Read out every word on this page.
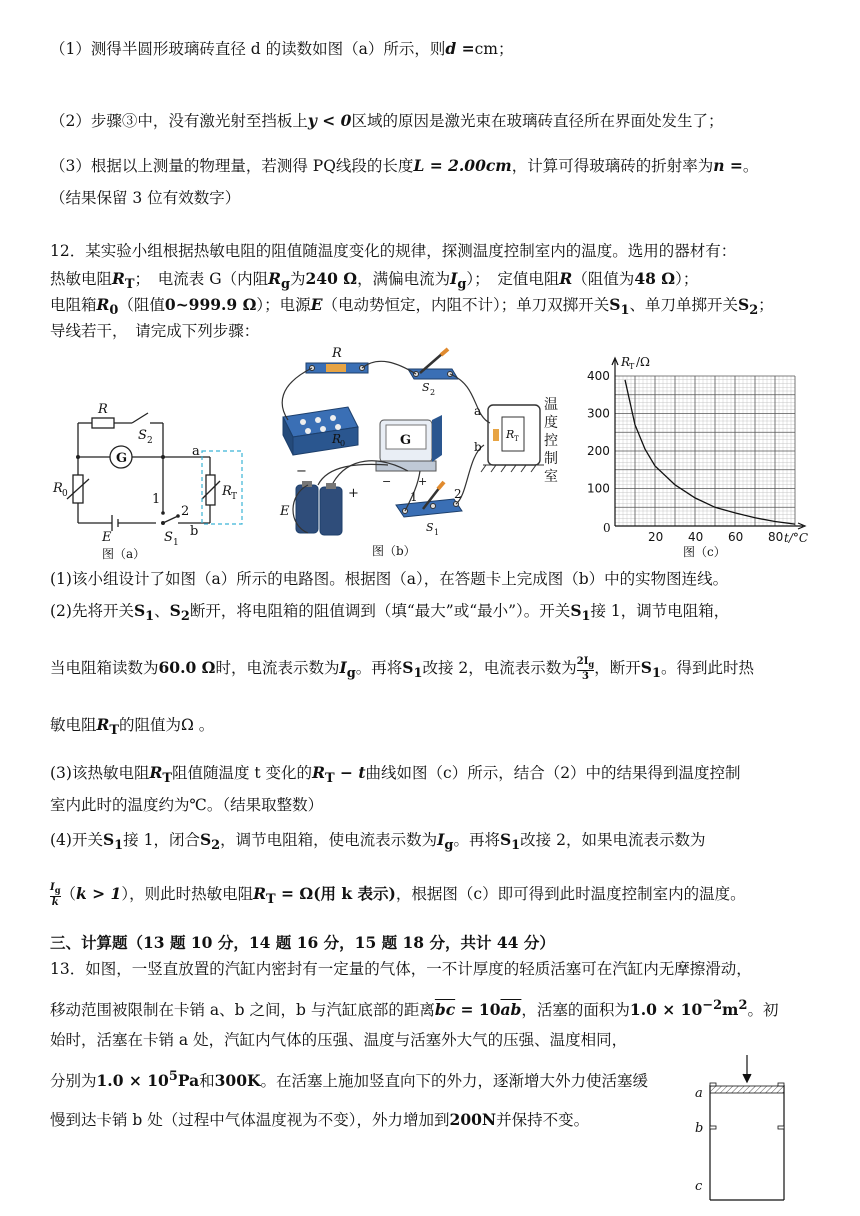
（1）测得半圆形玻璃砖直径 d 的读数如图（a）所示，则d =cm；
（2）步骤③中，没有激光射至挡板上y < 0区域的原因是激光束在玻璃砖直径所在界面处发生了；
（3）根据以上测量的物理量，若测得 PQ线段的长度L = 2.00cm，计算可得玻璃砖的折射率为n =。
（结果保留 3 位有效数字）
12．某实验小组根据热敏电阻的阻值随温度变化的规律，探测温度控制室内的温度。选用的器材有：
热敏电阻$R_T$；　电流表 G（内阻$R_g$为240 Ω，满偏电流为$I_g$）；　定值电阻R（阻值为48 Ω）；
电阻箱$R_0$（阻值0~999.9 Ω）；电源E（电动势恒定，内阻不计）；单刀双掷开关$S_1$、单刀单掷开关$S_2$；
导线若干，　请完成下列步骤：
R
S 2
G	a
R 0	R T
1
2
b
E	S 1
图（a）
R
S 2
G
R
0
E
−
+
− +
1	2
S 1
a
b
R T
温
度
控
制
室
图（b）
20 40 60 80
100
200
300
400
R
T /Ω
t/°C
0
图（c）
(1)该小组设计了如图（a）所示的电路图。根据图（a），在答题卡上完成图（b）中的实物图连线。
(2)先将开关$S_1$、$S_2$断开，将电阻箱的阻值调到（填“最大”或“最小”）。开关$S_1$接 1，调节电阻箱，
当电阻箱读数为60.0 Ω时，电流表示数为$I_g$。再将$S_1$改接 2，电流表示数为 $\frac{2I_g}{3}$ ，断开$S_1$。得到此时热
敏电阻$R_T$的阻值为Ω 。
(3)该热敏电阻$R_T$阻值随温度 t 变化的$R_T - t$曲线如图（c）所示，结合（2）中的结果得到温度控制
室内此时的温度约为℃。（结果取整数）
(4)开关$S_1$接 1，闭合$S_2$，调节电阻箱，使电流表示数为$I_g$。再将$S_1$改接 2，如果电流表示数为
$\frac{I_g}{k}(k > 1)$，则此时热敏电阻$R_T = \Omega$(用 k 表示)，根据图（c）即可得到此时温度控制室内的温度。
三、计算题（13 题 10 分，14 题 16 分，15 题 18 分，共计 44 分）
13．如图，一竖直放置的汽缸内密封有一定量的气体，一不计厚度的轻质活塞可在汽缸内无摩擦滑动，
移动范围被限制在卡销 a、b 之间，b 与汽缸底部的距离$\overline{bc} = 10\overline{ab}$，活塞的面积为$1.0 \times 10^{-2}m^2$。初
始时，活塞在卡销 a 处，汽缸内气体的压强、温度与活塞外大气的压强、温度相同，
分别为$1.0 \times 10^5Pa$和300K。在活塞上施加竖直向下的外力，逐渐增大外力使活塞缓
慢到达卡销 b 处（过程中气体温度视为不变），外力增加到200N并保持不变。
a
b
c
